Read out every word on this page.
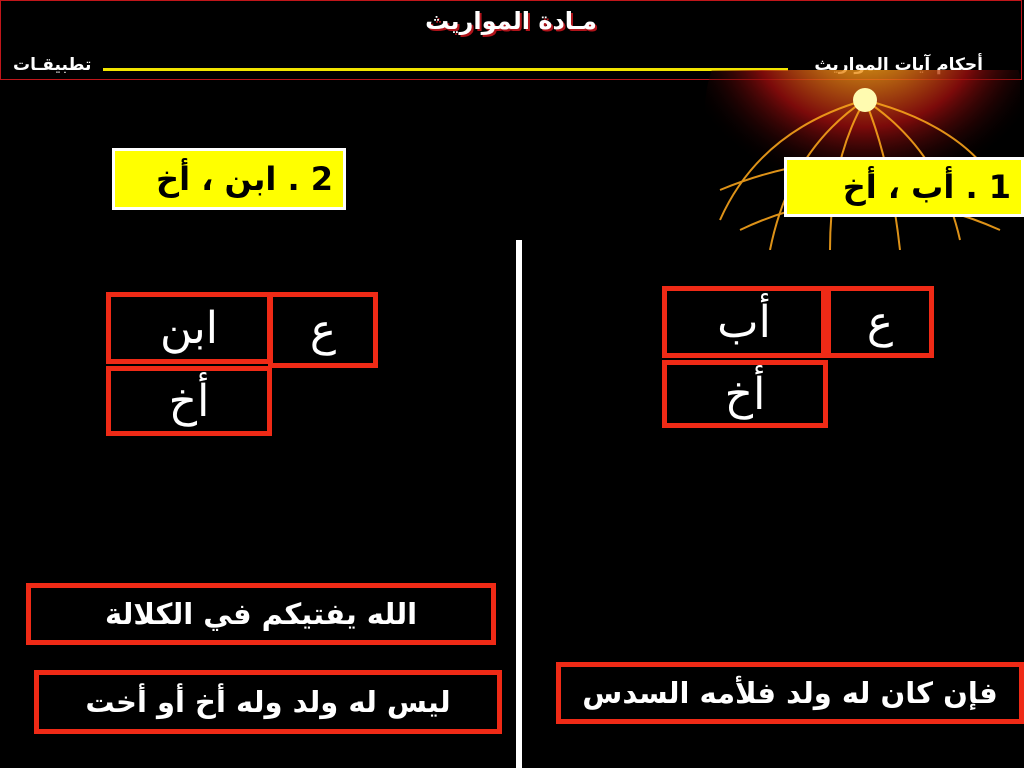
مـادة المواريث
تطبيقـات	أحكام آيات المواريث
1 . أب ، أخ
2 . ابن ، أخ
ع
أب
أخ
ع
ابن
أخ
فإن كان له ولد فلأمه السدس
الله يفتيكم في الكلالة
ليس له ولد وله أخ أو أخت
